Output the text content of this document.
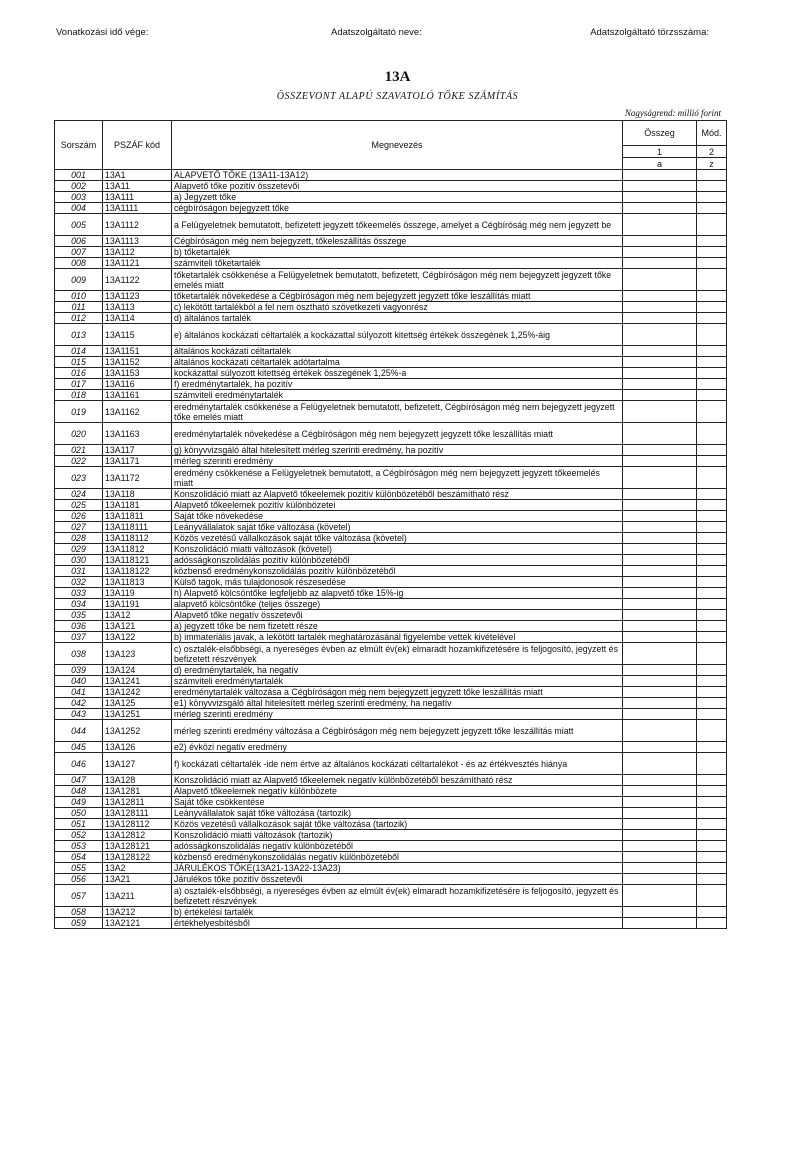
Vonatkozási idő vége:	Adatszolgáltató neve:	Adatszolgáltató törzsszáma:
13A
ÖSSZEVONT ALAPÚ SZAVATOLÓ TŐKE SZÁMÍTÁS
Nagyságrend: millió forint
Sorszám	PSZÁF kód	Megnevezés	Összeg	Mód.
			1	2
			a	z
001	13A1	ALAPVETŐ TŐKE (13A11-13A12)		
002	13A11	Alapvető tőke pozitív összetevői		
003	13A111	a) Jegyzett tőke		
004	13A1111	cégbíróságon bejegyzett tőke		
005	13A1112	a Felügyeletnek bemutatott, befizetett jegyzett tőkeemelés összege, amelyet a Cégbíróság még nem jegyzett be		
006	13A1113	Cégbíróságon még nem bejegyzett, tőkeleszállítás összege		
007	13A112	b) tőketartalék		
008	13A1121	számviteli tőketartalék		
009	13A1122	tőketartalék csökkenése a Felügyeletnek bemutatott, befizetett, Cégbíróságon még nem bejegyzett jegyzett tőke emelés miatt		
010	13A1123	tőketartalék növekedése a Cégbíróságon még nem bejegyzett jegyzett tőke leszállítás miatt		
011	13A113	c) lekötött tartalékból a fel nem osztható szövetkezeti vagyonrész		
012	13A114	d) általános tartalék		
013	13A115	e) általános kockázati céltartalék a kockázattal súlyozott kitettség értékek összegének 1,25%-áig		
014	13A1151	általános kockázati céltartalék		
015	13A1152	általános kockázati céltartalék adótartalma		
016	13A1153	kockázattal súlyozott kitettség értékek összegének 1,25%-a		
017	13A116	f) eredménytartalék, ha pozitív		
018	13A1161	számviteli eredménytartalék		
019	13A1162	eredménytartalék csökkenése a Felügyeletnek bemutatott, befizetett, Cégbíróságon még nem bejegyzett jegyzett tőke emelés miatt		
020	13A1163	eredménytartalék növekedése a Cégbíróságon még nem bejegyzett jegyzett tőke leszállítás miatt		
021	13A117	g) könyvvizsgáló által hitelesített mérleg szerinti eredmény, ha pozitív		
022	13A1171	mérleg szerinti eredmény		
023	13A1172	eredmény csökkenése a Felügyeletnek bemutatott, a Cégbíróságon még nem bejegyzett jegyzett tőkeemelés miatt		
024	13A118	Konszolidáció miatt az Alapvető tőkeelemek pozitív különbözetéből beszámítható rész		
025	13A1181	Alapvető tőkeelemek pozitív különbözetei		
026	13A11811	Saját tőke növekedése		
027	13A118111	Leányvállalatok saját tőke változása (követel)		
028	13A118112	Közös vezetésű vállalkozások saját tőke változása (követel)		
029	13A11812	Konszolidáció miatti változások (követel)		
030	13A118121	adósságkonszolidálás pozitív különbözetéből		
031	13A118122	közbenső eredménykonszolidálás pozitív különbözetéből		
032	13A11813	Külső tagok, más tulajdonosok részesedése		
033	13A119	h) Alapvető kölcsöntőke legfeljebb az alapvető tőke 15%-ig		
034	13A1191	alapvető kölcsöntőke (teljes összege)		
035	13A12	Alapvető tőke negatív összetevői		
036	13A121	a) jegyzett tőke be nem fizetett része		
037	13A122	b) immateriális javak, a lekötött tartalék meghatározásánál figyelembe vettek kivételével		
038	13A123	c) osztalék-elsőbbségi, a nyereséges évben az elmúlt év(ek) elmaradt hozamkifizetésére is feljogosító, jegyzett és befizetett részvények		
039	13A124	d) eredménytartalék, ha negatív		
040	13A1241	számviteli eredménytartalék		
041	13A1242	eredménytartalék változása a Cégbíróságon még nem bejegyzett jegyzett tőke leszállítás miatt		
042	13A125	e1) könyvvizsgáló által hitelesített mérleg szerinti eredmény, ha negatív		
043	13A1251	mérleg szerinti eredmény		
044	13A1252	mérleg szerinti eredmény változása a Cégbíróságon még nem bejegyzett jegyzett tőke leszállítás miatt		
045	13A126	e2) évközi negatív eredmény		
046	13A127	f) kockázati céltartalék -ide nem értve az általános kockázati céltartalékot - és az értékvesztés hiánya		
047	13A128	Konszolidáció miatt az Alapvető tőkeelemek negatív különbözetéből beszámítható rész		
048	13A1281	Alapvető tőkeelemek negatív különbözete		
049	13A12811	Saját tőke csökkentése		
050	13A128111	Leányvállalatok saját tőke változása (tartozik)		
051	13A128112	Közös vezetésű vállalkozások saját tőke változása (tartozik)		
052	13A12812	Konszolidáció miatti változások (tartozik)		
053	13A128121	adósságkonszolidálás negatív különbözetéből		
054	13A128122	közbenső eredménykonszolidálás negatív különbözetéből		
055	13A2	JÁRULÉKOS TŐKE(13A21-13A22-13A23)		
056	13A21	Járulékos tőke pozitív összetevői		
057	13A211	a) osztalék-elsőbbségi, a nyereséges évben az elmúlt év(ek) elmaradt hozamkifizetésére is feljogosító, jegyzett és befizetett részvények		
058	13A212	b) értékelési tartalék		
059	13A2121	értékhelyesbítésből		
